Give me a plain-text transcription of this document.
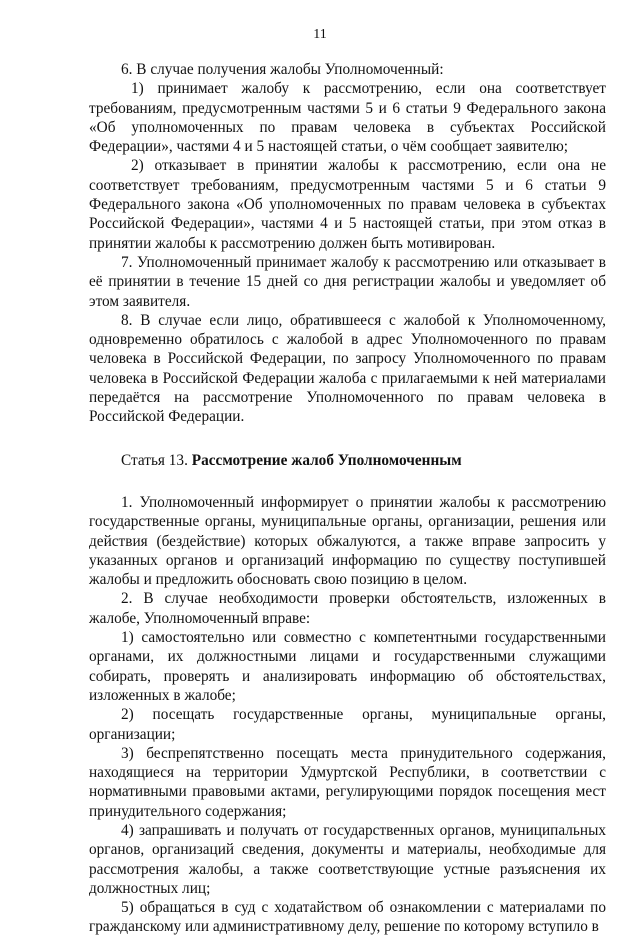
11

6. В случае получения жалобы Уполномоченный:

1) принимает жалобу к рассмотрению, если она соответствует требованиям, предусмотренным частями 5 и 6 статьи 9 Федерального закона «Об уполномоченных по правам человека в субъектах Российской Федерации», частями 4 и 5 настоящей статьи, о чём сообщает заявителю;

2) отказывает в принятии жалобы к рассмотрению, если она не соответствует требованиям, предусмотренным частями 5 и 6 статьи 9 Федерального закона «Об уполномоченных по правам человека в субъектах Российской Федерации», частями 4 и 5 настоящей статьи, при этом отказ в принятии жалобы к рассмотрению должен быть мотивирован.

7. Уполномоченный принимает жалобу к рассмотрению или отказывает в её принятии в течение 15 дней со дня регистрации жалобы и уведомляет об этом заявителя.

8. В случае если лицо, обратившееся с жалобой к Уполномоченному, одновременно обратилось с жалобой в адрес Уполномоченного по правам человека в Российской Федерации, по запросу Уполномоченного по правам человека в Российской Федерации жалоба с прилагаемыми к ней материалами передаётся на рассмотрение Уполномоченного по правам человека в Российской Федерации.

Статья 13. Рассмотрение жалоб Уполномоченным

1. Уполномоченный информирует о принятии жалобы к рассмотрению государственные органы, муниципальные органы, организации, решения или действия (бездействие) которых обжалуются, а также вправе запросить у указанных органов и организаций информацию по существу поступившей жалобы и предложить обосновать свою позицию в целом.

2. В случае необходимости проверки обстоятельств, изложенных в жалобе, Уполномоченный вправе:

1) самостоятельно или совместно с компетентными государственными органами, их должностными лицами и государственными служащими собирать, проверять и анализировать информацию об обстоятельствах, изложенных в жалобе;

2) посещать государственные органы, муниципальные органы, организации;

3) беспрепятственно посещать места принудительного содержания, находящиеся на территории Удмуртской Республики, в соответствии с нормативными правовыми актами, регулирующими порядок посещения мест принудительного содержания;

4) запрашивать и получать от государственных органов, муниципальных органов, организаций сведения, документы и материалы, необходимые для рассмотрения жалобы, а также соответствующие устные разъяснения их должностных лиц;

5) обращаться в суд с ходатайством об ознакомлении с материалами по гражданскому или административному делу, решение по которому вступило в
